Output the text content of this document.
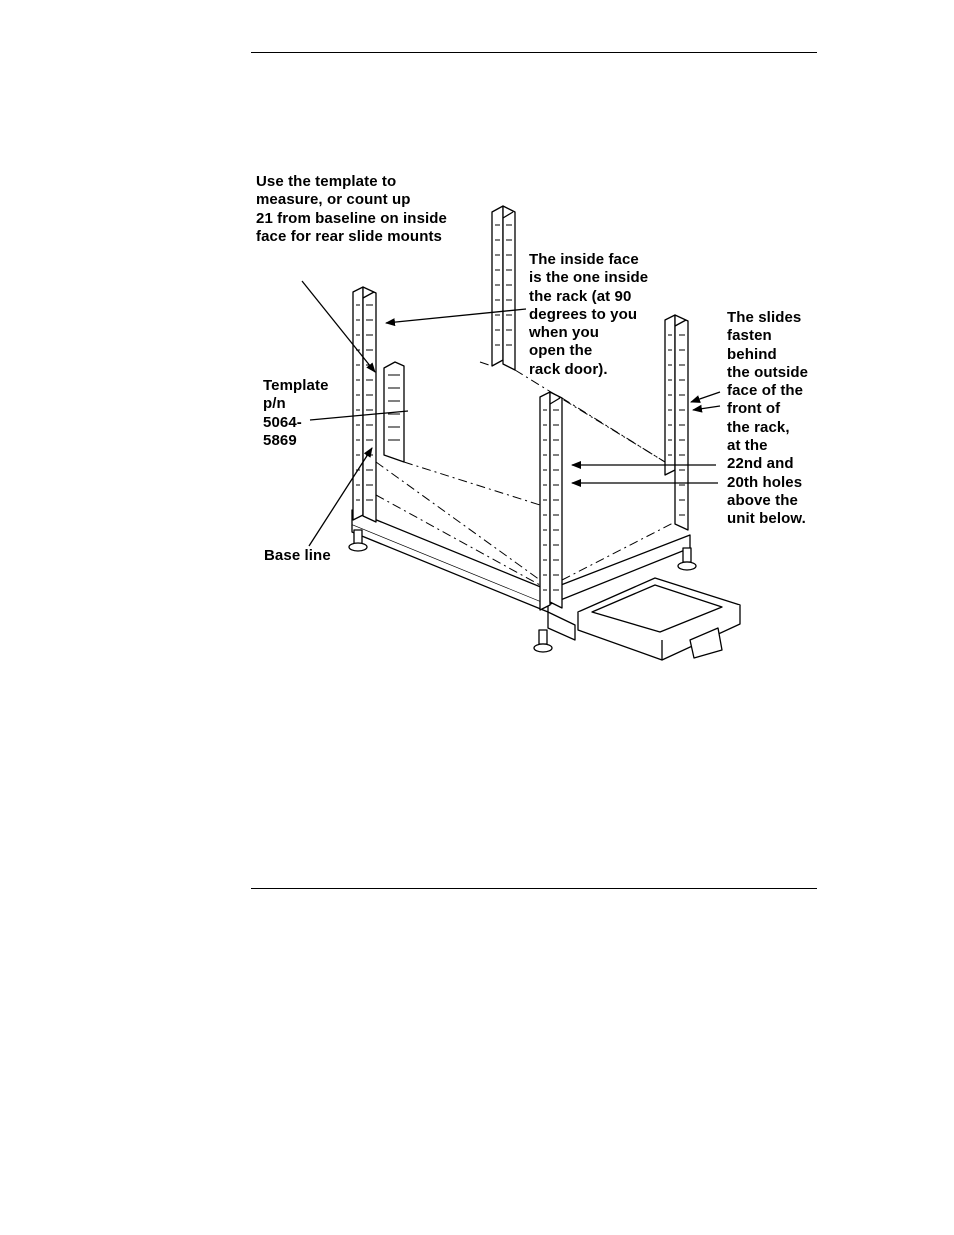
Use the template to
measure, or count up
21 from baseline on inside
face for rear slide mounts
The inside face
is the one inside
the rack (at 90
degrees to you
when you
open the
rack door).
The slides
fasten
behind
the outside
face of the
front of
the rack,
at the
22nd and
20th holes
above the
unit below.
Template
p/n
5064-
5869
Base line
